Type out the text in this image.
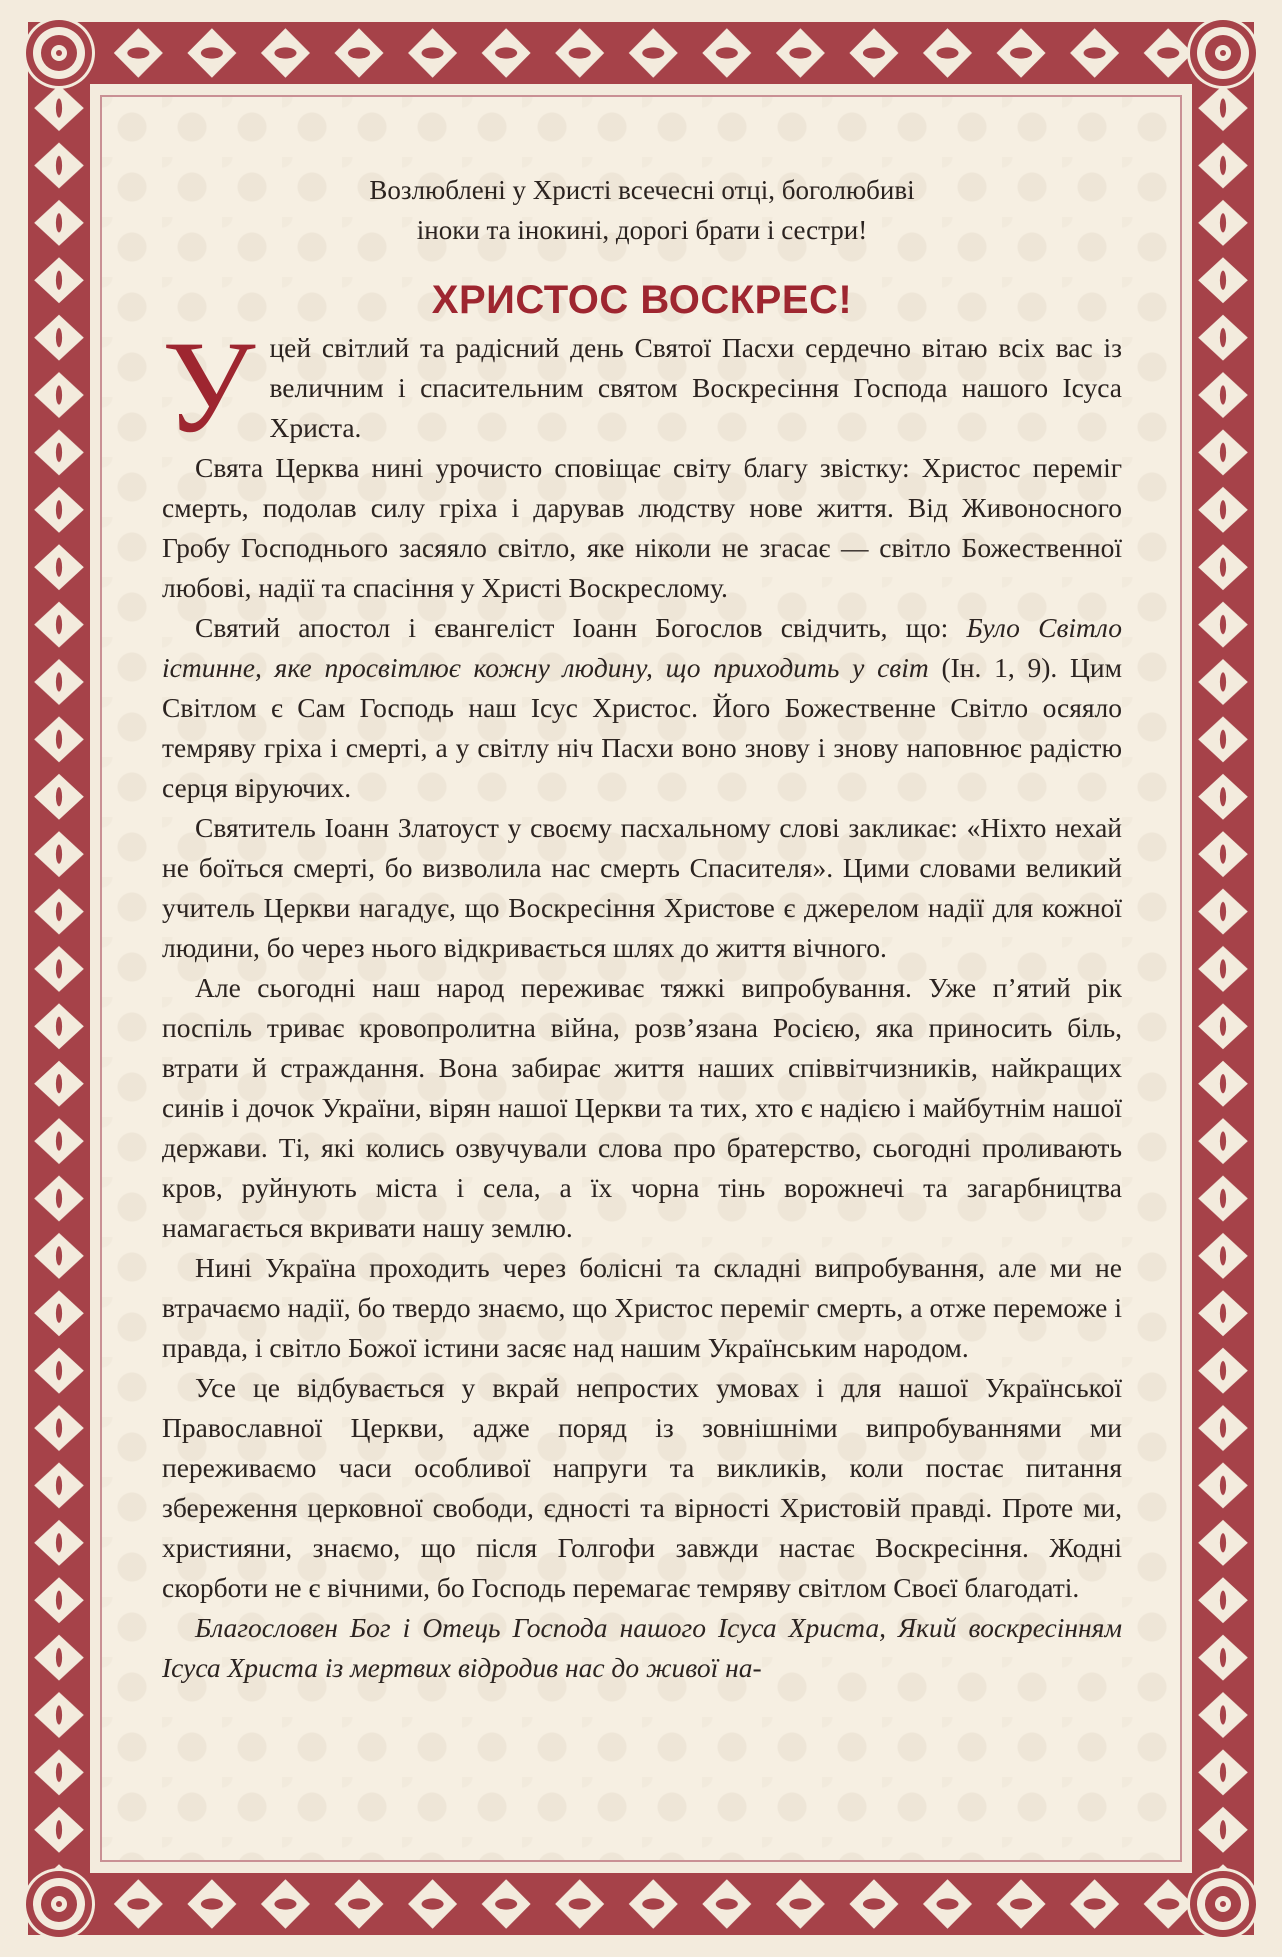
Возлюблені у Христі всечесні отці, боголюбиві
іноки та інокині, дорогі брати і сестри!

ХРИСТОС ВОСКРЕС!

Уцей світлий та радісний день Святої Пасхи сердечно вітаю всіх вас із величним і спасительним святом Воскресіння Господа нашого Ісуса Христа.

Свята Церква нині урочисто сповіщає світу благу звістку: Христос переміг смерть, подолав силу гріха і дарував людству нове життя. Від Живоносного Гробу Господнього засяяло світло, яке ніколи не згасає — світло Божественної любові, надії та спасіння у Христі Воскреслому.

Святий апостол і євангеліст Іоанн Богослов свідчить, що: Було Світло істинне, яке просвітлює кожну людину, що приходить у світ (Ін. 1, 9). Цим Світлом є Сам Господь наш Ісус Христос. Його Божественне Світло осяяло темряву гріха і смерті, а у світлу ніч Пасхи воно знову і знову наповнює радістю серця віруючих.

Святитель Іоанн Златоуст у своєму пасхальному слові закликає: «Ніхто нехай не боїться смерті, бо визволила нас смерть Спасителя». Цими словами великий учитель Церкви нагадує, що Воскресіння Христове є джерелом надії для кожної людини, бо через нього відкривається шлях до життя вічного.

Але сьогодні наш народ переживає тяжкі випробування. Уже п’ятий рік поспіль триває кровопролитна війна, розв’язана Росією, яка приносить біль, втрати й страждання. Вона забирає життя наших співвітчизників, найкращих синів і дочок України, вірян нашої Церкви та тих, хто є надією і майбутнім нашої держави. Ті, які колись озвучували слова про братерство, сьогодні проливають кров, руйнують міста і села, а їх чорна тінь ворожнечі та загарбництва намагається вкривати нашу землю.

Нині Україна проходить через болісні та складні випробування, але ми не втрачаємо надії, бо твердо знаємо, що Христос переміг смерть, а отже переможе і правда, і світло Божої істини засяє над нашим Українським народом.

Усе це відбувається у вкрай непростих умовах і для нашої Української Православної Церкви, адже поряд із зовнішніми випробуваннями ми переживаємо часи особливої напруги та викликів, коли постає питання збереження церковної свободи, єдності та вірності Христовій правді. Проте ми, християни, знаємо, що після Голгофи завжди настає Воскресіння. Жодні скорботи не є вічними, бо Господь перемагає темряву світлом Своєї благодаті.

Благословен Бог і Отець Господа нашого Ісуса Христа, Який воскресінням Ісуса Христа із мертвих відродив нас до живої на-
